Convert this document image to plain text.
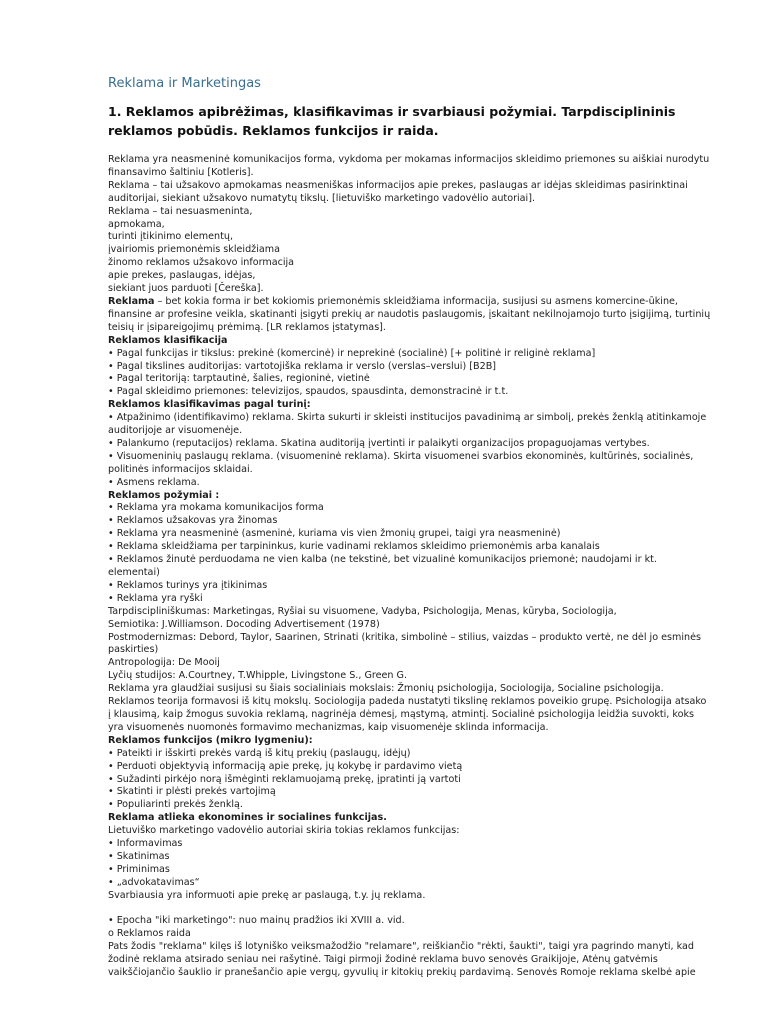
Reklama ir Marketingas
1. Reklamos apibrėžimas, klasifikavimas ir svarbiausi požymiai. Tarpdisciplininis reklamos pobūdis. Reklamos funkcijos ir raida.
Reklama yra neasmeninė komunikacijos forma, vykdoma per mokamas informacijos skleidimo priemones su aiškiai nurodytu
finansavimo šaltiniu [Kotleris].
Reklama – tai užsakovo apmokamas neasmeniškas informacijos apie prekes, paslaugas ar idėjas skleidimas pasirinktinai
auditorijai, siekiant užsakovo numatytų tikslų. [lietuviško marketingo vadovėlio autoriai].
Reklama – tai nesuasmeninta,
apmokama,
turinti įtikinimo elementų,
įvairiomis priemonėmis skleidžiama
žinomo reklamos užsakovo informacija
apie prekes, paslaugas, idėjas,
siekiant juos parduoti [Čereška].
Reklama – bet kokia forma ir bet kokiomis priemonėmis skleidžiama informacija, susijusi su asmens komercine-ūkine,
finansine ar profesine veikla, skatinanti įsigyti prekių ar naudotis paslaugomis, įskaitant nekilnojamojo turto įsigijimą, turtinių
teisių ir įsipareigojimų prėmimą. [LR reklamos įstatymas].
Reklamos klasifikacija
• Pagal funkcijas ir tikslus: prekinė (komercinė) ir neprekinė (socialinė) [+ politinė ir religinė reklama]
• Pagal tikslines auditorijas: vartotojiška reklama ir verslo (verslas–verslui) [B2B]
• Pagal teritoriją: tarptautinė, šalies, regioninė, vietinė
• Pagal skleidimo priemones: televizijos, spaudos, spausdinta, demonstracinė ir t.t.
Reklamos klasifikavimas pagal turinį:
• Atpažinimo (identifikavimo) reklama. Skirta sukurti ir skleisti institucijos pavadinimą ar simbolį, prekės ženklą atitinkamoje
auditorijoje ar visuomenėje.
• Palankumo (reputacijos) reklama. Skatina auditoriją įvertinti ir palaikyti organizacijos propaguojamas vertybes.
• Visuomeninių paslaugų reklama. (visuomeninė reklama). Skirta visuomenei svarbios ekonominės, kultūrinės, socialinės,
politinės informacijos sklaidai.
• Asmens reklama.
Reklamos požymiai :
• Reklama yra mokama komunikacijos forma
• Reklamos užsakovas yra žinomas
• Reklama yra neasmeninė (asmeninė, kuriama vis vien žmonių grupei, taigi yra neasmeninė)
• Reklama skleidžiama per tarpininkus, kurie vadinami reklamos skleidimo priemonėmis arba kanalais
• Reklamos žinutė perduodama ne vien kalba (ne tekstinė, bet vizualinė komunikacijos priemonė; naudojami ir kt.
elementai)
• Reklamos turinys yra įtikinimas
• Reklama yra ryški
Tarpdiscipliniškumas: Marketingas, Ryšiai su visuomene, Vadyba, Psichologija, Menas, kūryba, Sociologija,
Semiotika: J.Williamson. Docoding Advertisement (1978)
Postmodernizmas: Debord, Taylor, Saarinen, Strinati (kritika, simbolinė – stilius, vaizdas – produkto vertė, ne dėl jo esminės
paskirties)
Antropologija: De Mooij
Lyčių studijos: A.Courtney, T.Whipple, Livingstone S., Green G.
Reklama yra glaudžiai susijusi su šiais socialiniais mokslais: Žmonių psichologija, Sociologija, Socialine psichologija.
Reklamos teorija formavosi iš kitų mokslų. Sociologija padeda nustatyti tikslinę reklamos poveikio grupę. Psichologija atsako
į klausimą, kaip žmogus suvokia reklamą, nagrinėja dėmesį, mąstymą, atmintį. Socialinė psichologija leidžia suvokti, koks
yra visuomenės nuomonės formavimo mechanizmas, kaip visuomenėje sklinda informacija.
Reklamos funkcijos (mikro lygmeniu):
• Pateikti ir išskirti prekės vardą iš kitų prekių (paslaugų, idėjų)
• Perduoti objektyvią informaciją apie prekę, jų kokybę ir pardavimo vietą
• Sužadinti pirkėjo norą išmėginti reklamuojamą prekę, įpratinti ją vartoti
• Skatinti ir plėsti prekės vartojimą
• Populiarinti prekės ženklą.
Reklama atlieka ekonomines ir socialines funkcijas.
Lietuviško marketingo vadovėlio autoriai skiria tokias reklamos funkcijas:
• Informavimas
• Skatinimas
• Priminimas
• „advokatavimas“
Svarbiausia yra informuoti apie prekę ar paslaugą, t.y. jų reklama.
• Epocha "iki marketingo": nuo mainų pradžios iki XVIII a. vid.
o Reklamos raida
Pats žodis "reklama" kilęs iš lotyniško veiksmažodžio "relamare", reiškiančio "rėkti, šaukti", taigi yra pagrindo manyti, kad
žodinė reklama atsirado seniau nei rašytinė. Taigi pirmoji žodinė reklama buvo senovės Graikijoje, Atėnų gatvėmis
vaikščiojančio šauklio ir pranešančio apie vergų, gyvulių ir kitokių prekių pardavimą. Senovės Romoje reklama skelbė apie
